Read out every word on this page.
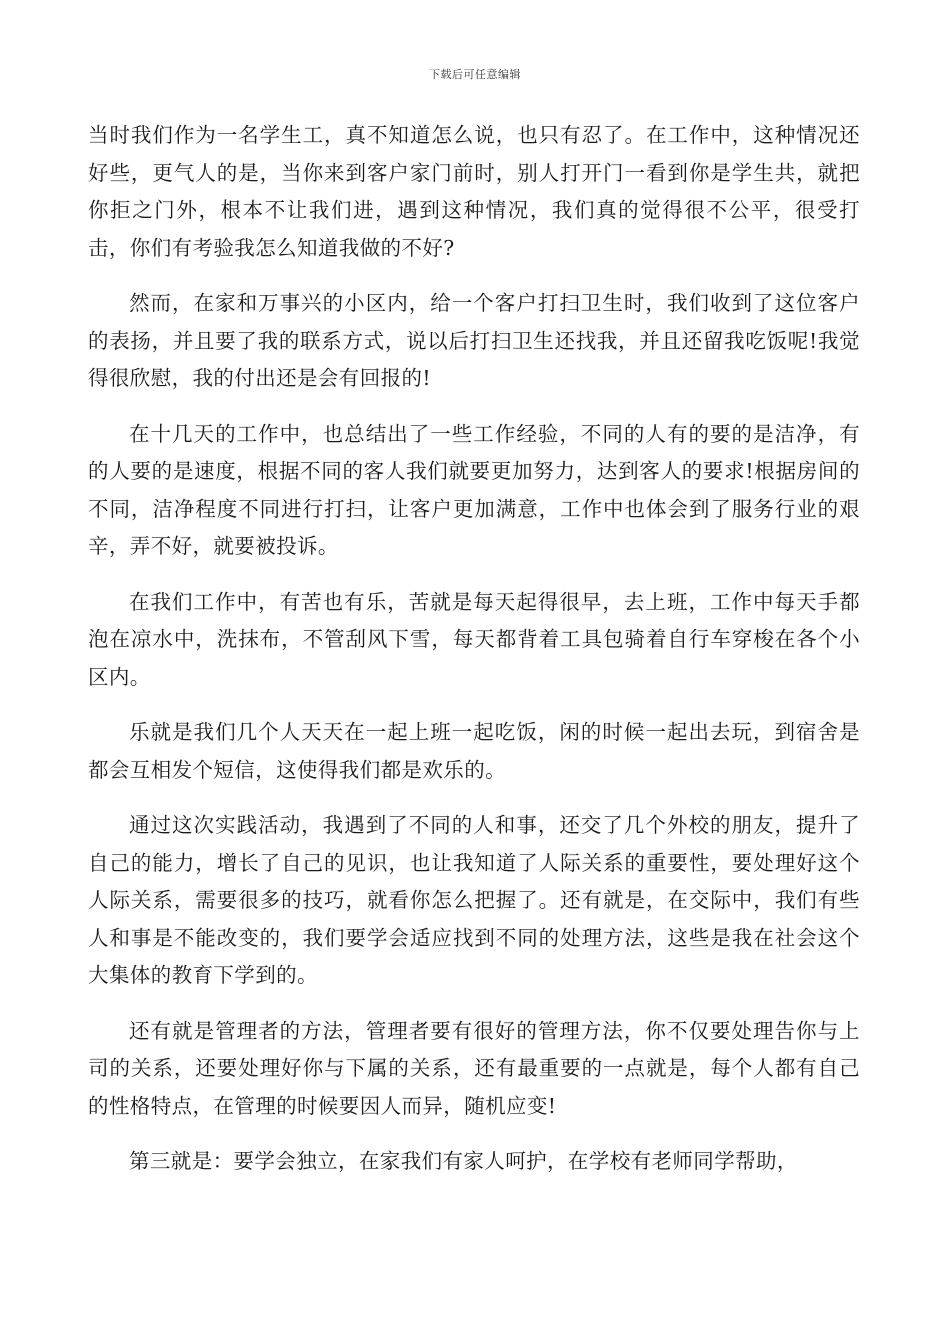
下载后可任意编辑

当时我们作为一名学生工，真不知道怎么说，也只有忍了。在工作中，这种情况还好些，更气人的是，当你来到客户家门前时，别人打开门一看到你是学生共，就把你拒之门外，根本不让我们进，遇到这种情况，我们真的觉得很不公平，很受打击，你们有考验我怎么知道我做的不好?

然而，在家和万事兴的小区内，给一个客户打扫卫生时，我们收到了这位客户的表扬，并且要了我的联系方式，说以后打扫卫生还找我，并且还留我吃饭呢!我觉得很欣慰，我的付出还是会有回报的!

在十几天的工作中，也总结出了一些工作经验，不同的人有的要的是洁净，有的人要的是速度，根据不同的客人我们就要更加努力，达到客人的要求!根据房间的不同，洁净程度不同进行打扫，让客户更加满意，工作中也体会到了服务行业的艰辛，弄不好，就要被投诉。

在我们工作中，有苦也有乐，苦就是每天起得很早，去上班，工作中每天手都泡在凉水中，洗抹布，不管刮风下雪，每天都背着工具包骑着自行车穿梭在各个小区内。

乐就是我们几个人天天在一起上班一起吃饭，闲的时候一起出去玩，到宿舍是都会互相发个短信，这使得我们都是欢乐的。

通过这次实践活动，我遇到了不同的人和事，还交了几个外校的朋友，提升了自己的能力，增长了自己的见识，也让我知道了人际关系的重要性，要处理好这个人际关系，需要很多的技巧，就看你怎么把握了。还有就是，在交际中，我们有些人和事是不能改变的，我们要学会适应找到不同的处理方法，这些是我在社会这个大集体的教育下学到的。

还有就是管理者的方法，管理者要有很好的管理方法，你不仅要处理告你与上司的关系，还要处理好你与下属的关系，还有最重要的一点就是，每个人都有自己的性格特点，在管理的时候要因人而异，随机应变!

第三就是：要学会独立，在家我们有家人呵护，在学校有老师同学帮助，
